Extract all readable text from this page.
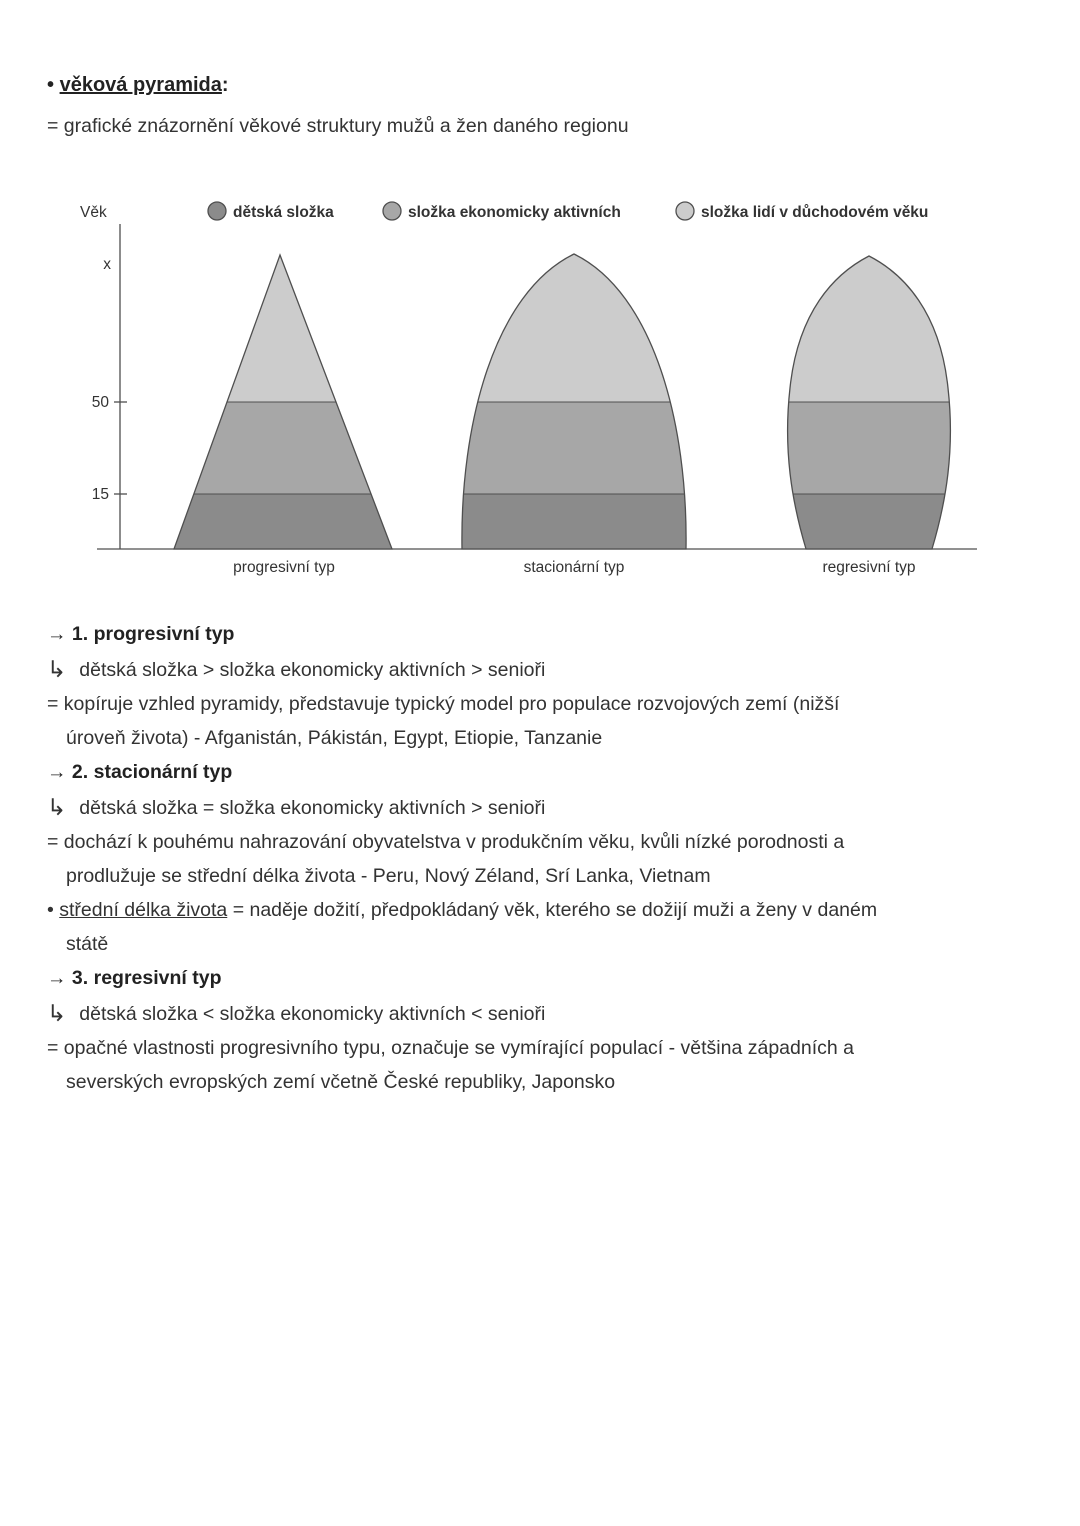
• věková pyramida:
= grafické znázornění věkové struktury mužů a žen daného regionu
dětská složka	složka ekonomicky aktivních	složka lidí v důchodovém věku
Věk
x
50
15
progresivní typ	stacionární typ	regresivní typ
→ 1. progresivní typ
↳ dětská složka > složka ekonomicky aktivních > senioři
= kopíruje vzhled pyramidy, představuje typický model pro populace rozvojových zemí (nižší
úroveň života) - Afganistán, Pákistán, Egypt, Etiopie, Tanzanie
→ 2. stacionární typ
↳ dětská složka = složka ekonomicky aktivních > senioři
= dochází k pouhému nahrazování obyvatelstva v produkčním věku, kvůli nízké porodnosti a
prodlužuje se střední délka života - Peru, Nový Zéland, Srí Lanka, Vietnam
• střední délka života = naděje dožití, předpokládaný věk, kterého se dožijí muži a ženy v daném
státě
→ 3. regresivní typ
↳ dětská složka < složka ekonomicky aktivních < senioři
= opačné vlastnosti progresivního typu, označuje se vymírající populací - většina západních a
severských evropských zemí včetně České republiky, Japonsko
